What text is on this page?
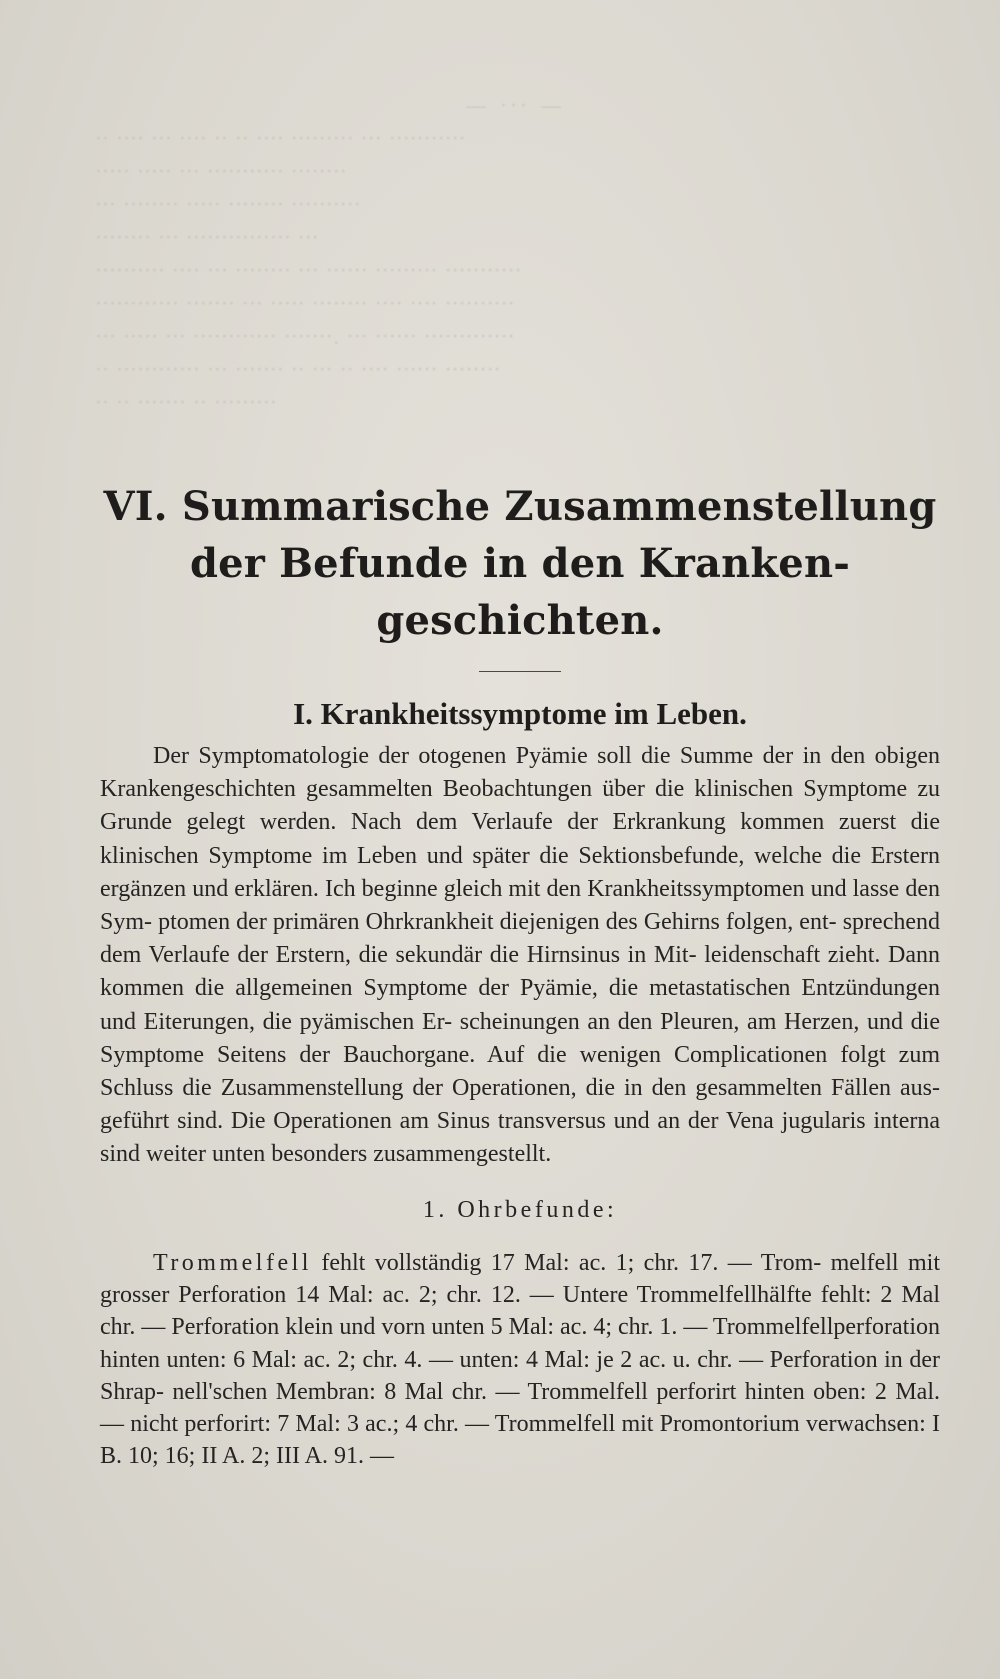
— ··· —
·· ···· ··· ···· ·· ·· ···· ········· ··· ···········
····· ····· ··· ··········· ········
··· ········ ····· ········ ··········
········ ··· ··············· ···
·········· ···· ··· ········ ··· ······ ········· ···········
············ ······· ··· ····· ········ ···· ···· ··········
··· ····· ··· ············ ·······. ··· ······ ·············
·· ············ ··· ······· ·· ··· ·· ···· ······ ········
·· ·· ······· ·· ·········
VI. Summarische Zusammenstellung der Befunde in den Kranken- geschichten.
I. Krankheitssymptome im Leben.

Der Symptomatologie der otogenen Pyämie soll die Summe der in den obigen Krankengeschichten gesammelten Beobachtungen über die klinischen Symptome zu Grunde gelegt werden. Nach dem Verlaufe der Erkrankung kommen zuerst die klinischen Symptome im Leben und später die Sektionsbefunde, welche die Erstern ergänzen und erklären. Ich beginne gleich mit den Krankheitssymptomen und lasse den Sym- ptomen der primären Ohrkrankheit diejenigen des Gehirns folgen, ent- sprechend dem Verlaufe der Erstern, die sekundär die Hirnsinus in Mit- leidenschaft zieht. Dann kommen die allgemeinen Symptome der Pyämie, die metastatischen Entzündungen und Eiterungen, die pyämischen Er- scheinungen an den Pleuren, am Herzen, und die Symptome Seitens der Bauchorgane. Auf die wenigen Complicationen folgt zum Schluss die Zusammenstellung der Operationen, die in den gesammelten Fällen aus- geführt sind. Die Operationen am Sinus transversus und an der Vena jugularis interna sind weiter unten besonders zusammengestellt.

1. Ohrbefunde:

Trommelfell fehlt vollständig 17 Mal: ac. 1; chr. 17. — Trom- melfell mit grosser Perforation 14 Mal: ac. 2; chr. 12. — Untere Trommelfellhälfte fehlt: 2 Mal chr. — Perforation klein und vorn unten 5 Mal: ac. 4; chr. 1. — Trommelfellperforation hinten unten: 6 Mal: ac. 2; chr. 4. — unten: 4 Mal: je 2 ac. u. chr. — Perforation in der Shrap- nell'schen Membran: 8 Mal chr. — Trommelfell perforirt hinten oben: 2 Mal. — nicht perforirt: 7 Mal: 3 ac.; 4 chr. — Trommelfell mit Promontorium verwachsen: I B. 10; 16; II A. 2; III A. 91. —
